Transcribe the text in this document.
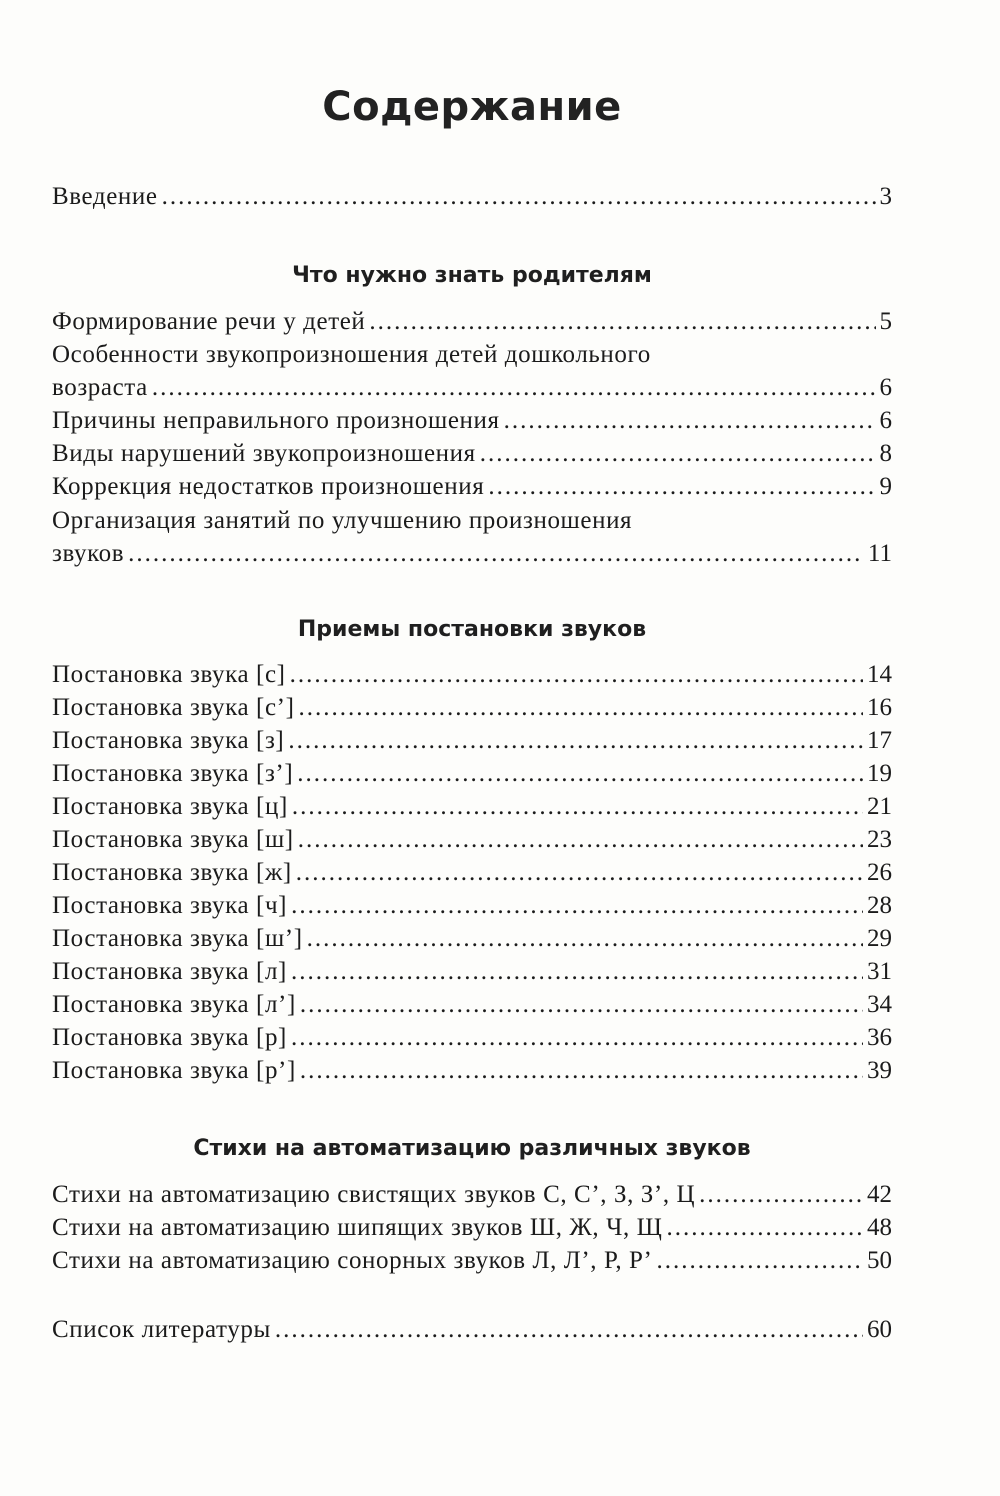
Содержание
Введение .....	3
Что нужно знать родителям
Формирование речи у детей .....	5
Особенности звукопроизношения детей дошкольного
возраста .....	6
Причины неправильного произношения .....	6
Виды нарушений звукопроизношения .....	8
Коррекция недостатков произношения .....	9
Организация занятий по улучшению произношения
звуков .....	11
Приемы постановки звуков
Постановка звука [с] .....	14
Постановка звука [с’] .....	16
Постановка звука [з] .....	17
Постановка звука [з’] .....	19
Постановка звука [ц] .....	21
Постановка звука [ш] .....	23
Постановка звука [ж] .....	26
Постановка звука [ч] .....	28
Постановка звука [ш’] .....	29
Постановка звука [л] .....	31
Постановка звука [л’] .....	34
Постановка звука [р] .....	36
Постановка звука [р’] .....	39
Стихи на автоматизацию различных звуков
Стихи на автоматизацию свистящих звуков С, С’, З, З’, Ц .....	42
Стихи на автоматизацию шипящих звуков Ш, Ж, Ч, Щ .....	48
Стихи на автоматизацию сонорных звуков Л, Л’, Р, Р’ .....	50
Список литературы .....	60
